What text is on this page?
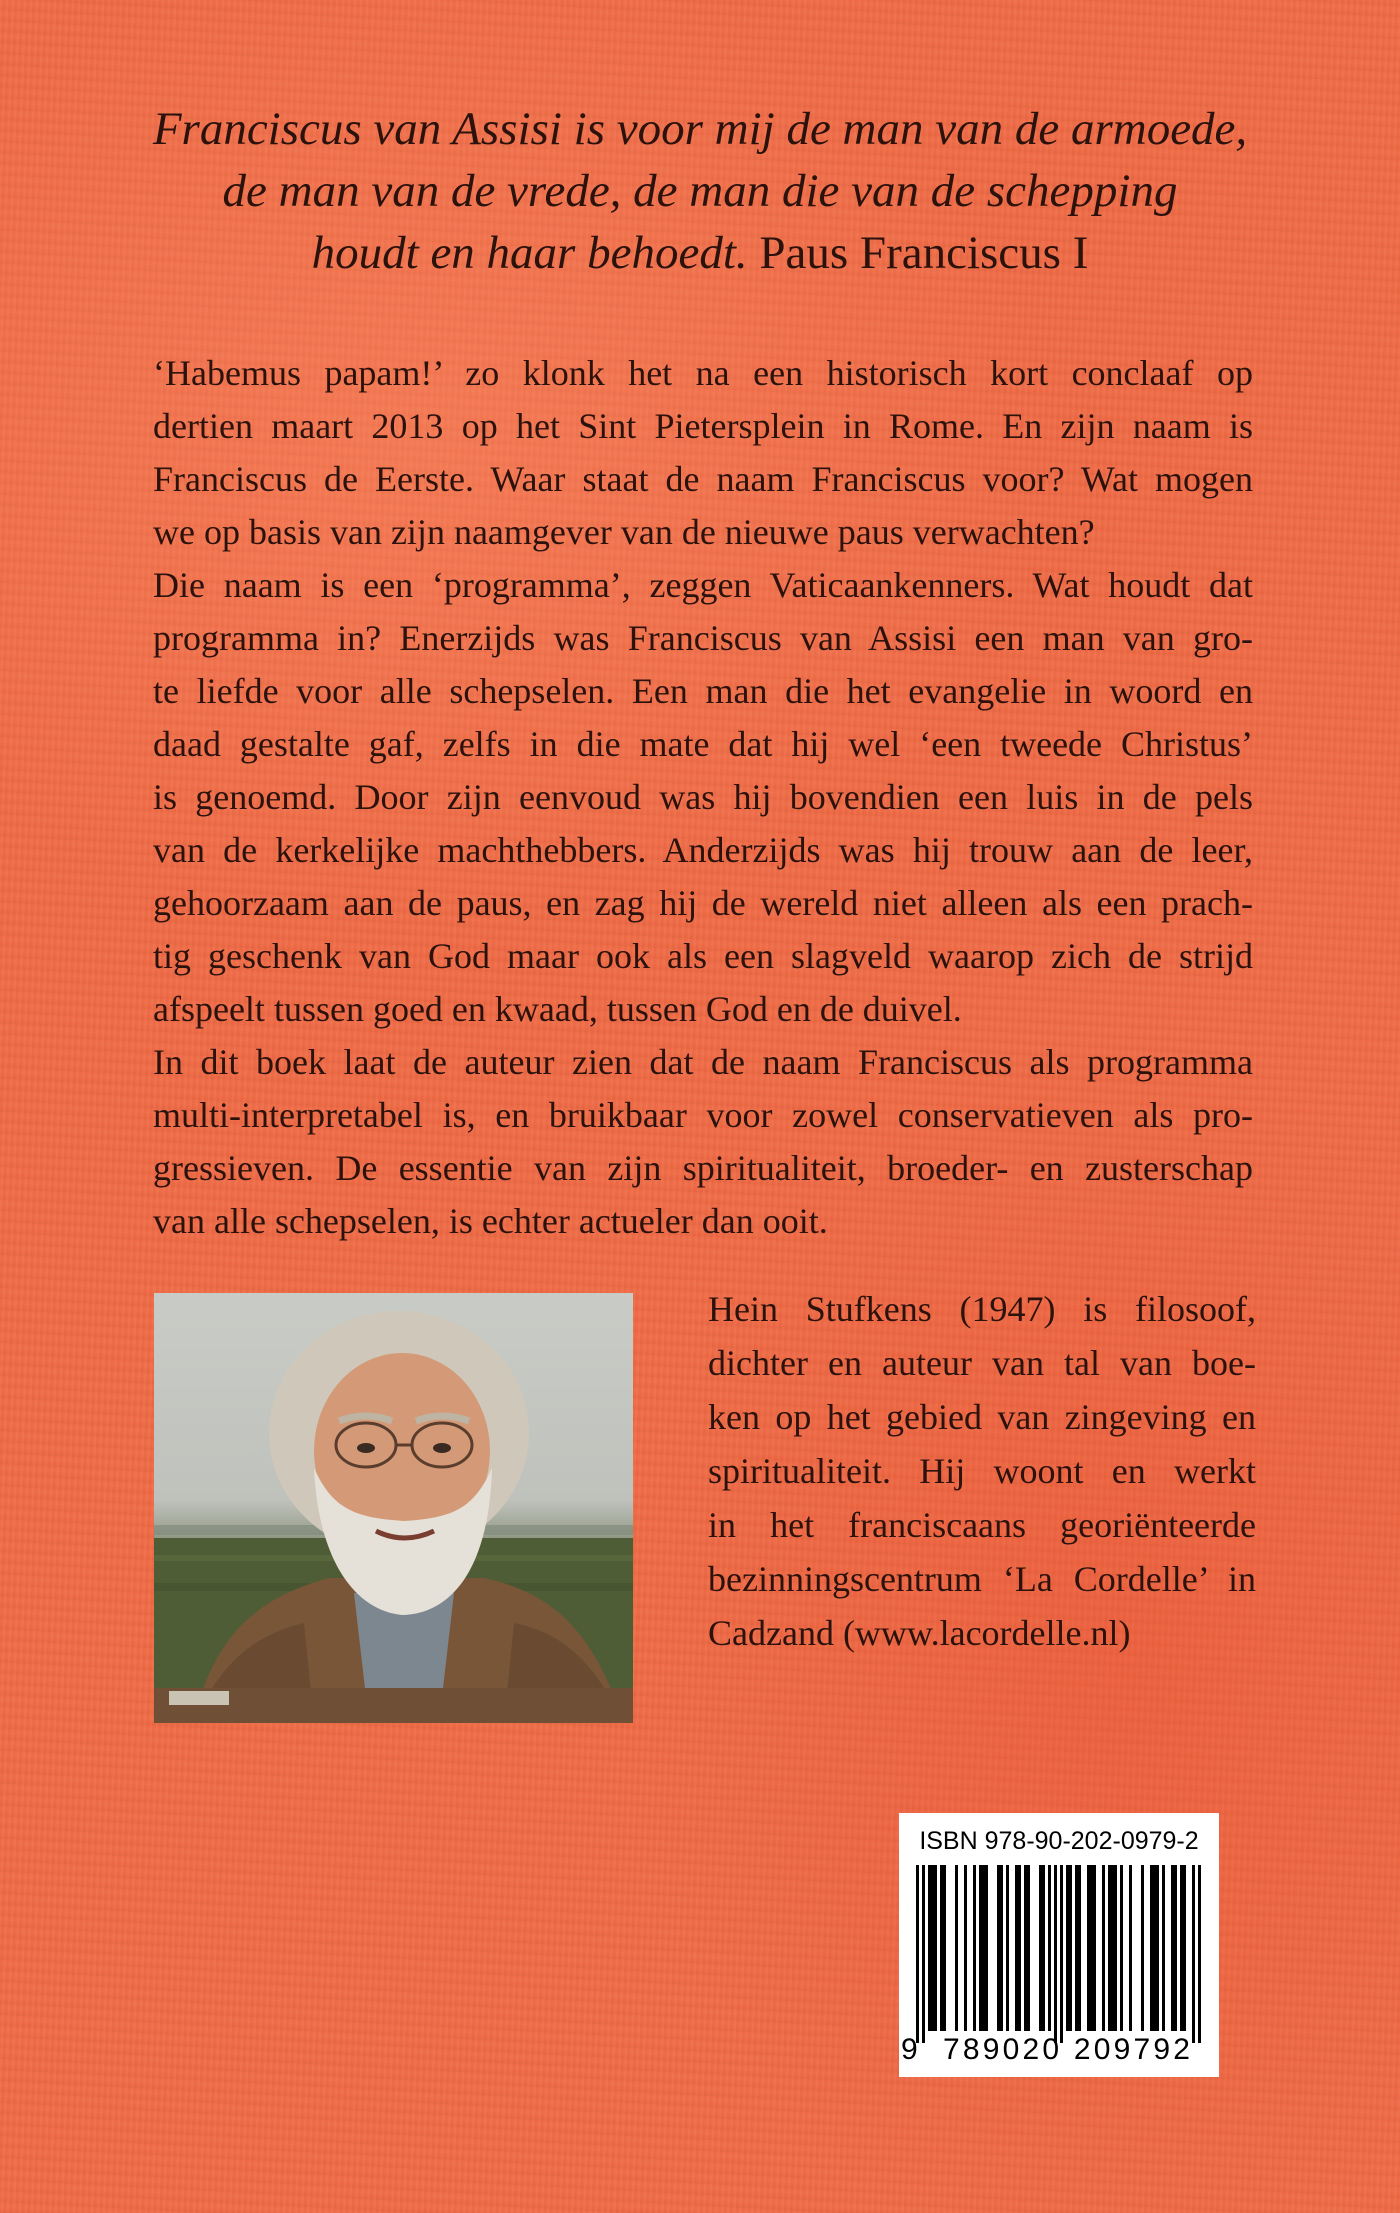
Franciscus van Assisi is voor mij de man van de armoede,
de man van de vrede, de man die van de schepping
houdt en haar behoedt. Paus Franciscus I
‘Habemus papam!’ zo klonk het na een historisch kort conclaaf op
dertien maart 2013 op het Sint Pietersplein in Rome. En zijn naam is
Franciscus de Eerste. Waar staat de naam Franciscus voor? Wat mogen
we op basis van zijn naamgever van de nieuwe paus verwachten?
Die naam is een ‘programma’, zeggen Vaticaankenners. Wat houdt dat
programma in? Enerzijds was Franciscus van Assisi een man van gro-
te liefde voor alle schepselen. Een man die het evangelie in woord en
daad gestalte gaf, zelfs in die mate dat hij wel ‘een tweede Christus’
is genoemd. Door zijn eenvoud was hij bovendien een luis in de pels
van de kerkelijke machthebbers. Anderzijds was hij trouw aan de leer,
gehoorzaam aan de paus, en zag hij de wereld niet alleen als een prach-
tig geschenk van God maar ook als een slagveld waarop zich de strijd
afspeelt tussen goed en kwaad, tussen God en de duivel.
In dit boek laat de auteur zien dat de naam Franciscus als programma
multi-interpretabel is, en bruikbaar voor zowel conservatieven als pro-
gressieven. De essentie van zijn spiritualiteit, broeder- en zusterschap
van alle schepselen, is echter actueler dan ooit.
Hein Stufkens (1947) is filosoof,
dichter en auteur van tal van boe-
ken op het gebied van zingeving en
spiritualiteit. Hij woont en werkt
in het franciscaans georiënteerde
bezinningscentrum ‘La Cordelle’ in
Cadzand (www.lacordelle.nl)
ISBN 978-90-202-0979-2
9 789020 209792
